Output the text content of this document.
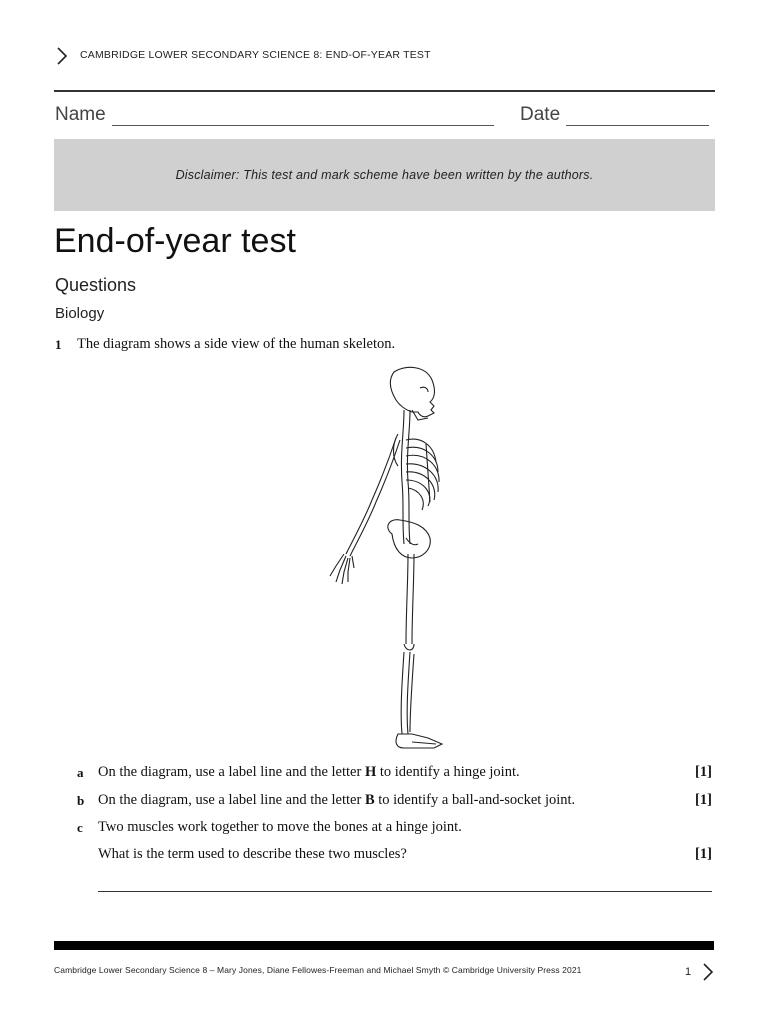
CAMBRIDGE LOWER SECONDARY SCIENCE 8: END-OF-YEAR TEST
Name	Date
Disclaimer: This test and mark scheme have been written by the authors.
End-of-year test
Questions
Biology
1 The diagram shows a side view of the human skeleton.
a On the diagram, use a label line and the letter H to identify a hinge joint.	[1]
b On the diagram, use a label line and the letter B to identify a ball-and-socket joint.	[1]
c Two muscles work together to move the bones at a hinge joint.
What is the term used to describe these two muscles?	[1]
Cambridge Lower Secondary Science 8 – Mary Jones, Diane Fellowes-Freeman and Michael Smyth © Cambridge University Press 2021	1
